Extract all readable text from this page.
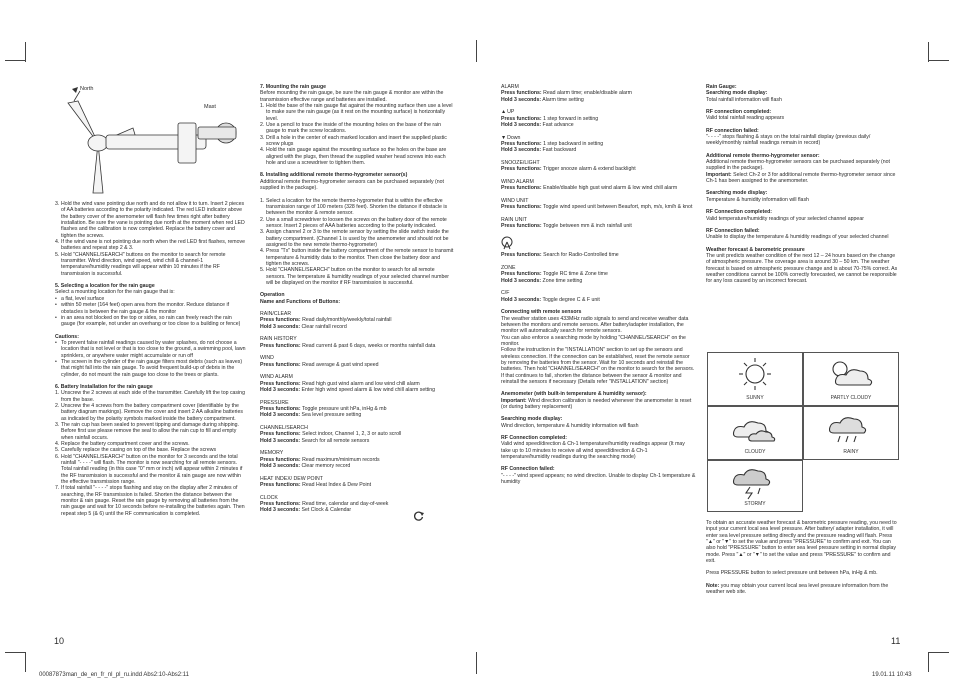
North
Mast
3. Hold the wind vane pointing due north and do not allow it to turn. Insert 2 pieces of AA batteries according to the polarity indicated. The red LED indicator above the battery cover of the anemometer will flash few times right after battery installation. Be sure the vane is pointing due north at the moment when red LED flashes and the calibration is now completed. Replace the battery cover and tighten the screws.
4. If the wind vane is not pointing due north when the red LED first flashes, remove batteries and repeat step 2 & 3.
5. Hold "CHANNEL/SEARCH" buttons on the monitor to search for remote transmitter. Wind direction, wind speed, wind chill & channel-1 temperature/humidity readings will appear within 10 minutes if the RF transmission is successful.
5. Selecting a location for the rain gauge
Select a mounting location for the rain gauge that is:
• a flat, level surface
• within 50 meter (164 feet) open area from the monitor. Reduce distance if obstacles is between the rain gauge & the monitor
• in an area not blocked on the top or sides, so rain can freely reach the rain gauge (for example, not under an overhang or too close to a building or fence)
Cautions:
• To prevent false rainfall readings caused by water splashes, do not choose a location that is not level or that is too close to the ground, a swimming pool, lawn sprinklers, or anywhere water might accumulate or run off
• The screen in the cylinder of the rain gauge filters most debris (such as leaves) that might fall into the rain gauge. To avoid frequent build-up of debris in the cylinder, do not mount the rain gauge too close to the trees or plants.
6. Battery Installation for the rain gauge
1. Unscrew the 2 screws at each side of the transmitter. Carefully lift the top casing from the base.
2. Unscrew the 4 screws from the battery compartment cover (identifiable by the battery diagram markings). Remove the cover and insert 2 AA alkaline batteries as indicated by the polarity symbols marked inside the battery compartment.
3. The rain cup has been sealed to prevent tipping and damage during shipping. Before first use please remove the seal to allow the rain cup to fill and empty when rainfall occurs.
4. Replace the battery compartment cover and the screws.
5. Carefully replace the casing on top of the base. Replace the screws
6. Hold "CHANNEL/SEARCH" button on the monitor for 3 seconds and the total rainfall "- - - -" will flash. The monitor is now searching for all remote sensors. Total rainfall reading (in this case "0" mm or inch) will appear within 2 minutes if the RF transmission is successful and the monitor & rain gauge are now within the effective transmission range.
7. If total rainfall "- - - -" stops flashing and stay on the display after 2 minutes of searching, the RF transmission is failed. Shorten the distance between the monitor & rain gauge. Reset the rain gauge by removing all batteries from the rain gauge and wait for 10 seconds before re-installing the batteries again. Then repeat step 5 (& 6) until the RF communication is completed.
7. Mounting the rain gauge
Before mounting the rain gauge, be sure the rain gauge & monitor are within the transmission effective range and batteries are installed.
1. Hold the base of the rain gauge flat against the mounting surface then use a level to make sure the rain gauge (as it rest on the mounting surface) is horizontally level.
2. Use a pencil to trace the inside of the mounting holes on the base of the rain gauge to mark the screw locations.
3. Drill a hole in the center of each marked location and insert the supplied plastic screw plugs
4. Hold the rain gauge against the mounting surface so the holes on the base are aligned with the plugs, then thread the supplied washer head screws into each hole and use a screwdriver to tighten them.
8. Installing additional remote thermo-hygrometer sensor(s)
Additional remote thermo-hygrometer sensors can be purchased separately (not supplied in the package).
1. Select a location for the remote thermo-hygrometer that is within the effective transmission range of 100 meters (328 feet). Shorten the distance if obstacle is between the monitor & remote sensor.
2. Use a small screwdriver to loosen the screws on the battery door of the remote sensor. Insert 2 pieces of AAA batteries according to the polarity indicated.
3. Assign channel 2 or 3 to the remote sensor by setting the slide switch inside the battery compartment. (Channel 1 is used by the anemometer and should not be assigned to the new remote thermo-hygrometer)
4. Press "Tx" button inside the battery compartment of the remote sensor to transmit temperature & humidity data to the monitor. Then close the battery door and tighten the screws.
5. Hold "CHANNEL/SEARCH" button on the monitor to search for all remote sensors. The temperature & humidity readings of your selected channel number will be displayed on the monitor if RF transmission is successful.
Operation
Name and Functions of Buttons:
RAIN/CLEAR
Press functions: Read daily/monthly/weekly/total rainfall
Hold 3 seconds: Clear rainfall record
RAIN HISTORY
Press functions: Read current & past 6 days, weeks or months rainfall data
WIND
Press functions: Read average & gust wind speed
WIND ALARM
Press functions: Read high gust wind alarm and low wind chill alarm
Hold 3 seconds: Enter high wind speed alarm & low wind chill alarm setting
PRESSURE
Press functions: Toggle pressure unit hPa, inHg & mb
Hold 3 seconds: Sea level pressure setting
CHANNEL/SEARCH
Press functions: Select indoor, Channel 1, 2, 3 or auto scroll
Hold 3 seconds: Search for all remote sensors
MEMORY
Press functions: Read maximum/minimum records
Hold 3 seconds: Clear memory record
HEAT INDEX/ DEW POINT
Press functions: Read Heat Index & Dew Point
CLOCK
Press functions: Read time, calendar and day-of-week
Hold 3 seconds: Set Clock & Calendar
ALARM
Press functions: Read alarm time; enable/disable alarm
Hold 3 seconds: Alarm time setting
▲UP

Press functions: 1 step forward in setting
Hold 3 seconds: Fast advance
▼Down

Press functions: 1 step backward in setting
Hold 3 seconds: Fast backward
SNOOZE/LIGHT
Press functions: Trigger snooze alarm & extend backlight
WIND ALARM
Press functions: Enable/disable high gust wind alarm & low wind chill alarm
WIND UNIT
Press functions: Toggle wind speed unit between Beaufort, mph, m/s, km/h & knot
RAIN UNIT
Press functions: Toggle between mm & inch rainfall unit
Press functions: Search for Radio-Controlled time
ZONE
Press functions: Toggle RC time & Zone time
Hold 3 seconds: Zone time setting
C/F
Hold 3 seconds: Toggle degree C & F unit
Connecting with remote sensors
The weather station uses 433MHz radio signals to send and receive weather data between the monitors and remote sensors. After battery/adapter installation, the monitor will automatically search for remote sensors.
You can also enforce a searching mode by holding "CHANNEL/SEARCH" on the monitor.
Follow the instruction in the "INSTALLATION" section to set up the sensors and wireless connection. If the connection can be established, reset the remote sensor by removing the batteries from the sensor. Wait for 10 seconds and reinstall the batteries. Then hold "CHANNEL/SEARCH" on the monitor to search for the sensors. If that continues to fail, shorten the distance between the sensor & monitor and reinstall the sensors if necessary (Details refer "INSTALLATION" section)
Anemometer (with built-in temperature & humidity sensor):
Important: Wind direction calibration is needed whenever the anemometer is reset (or during battery replacement)
Searching mode display:
Wind direction, temperature & humidity information will flash
RF Connection completed:
Valid wind speed/direction & Ch-1 temperature/humidity readings appear (It may take up to 10 minutes to receive all wind speed/direction & Ch-1 temperature/humidity readings during the searching mode)
RF Connection failed:
"- - - -" wind speed appears; no wind direction. Unable to display Ch-1 temperature & humidity
Rain Gauge:
Searching mode display:
Total rainfall information will flash
RF connection completed:
Valid total rainfall reading appears
RF connection failed:
"- - - -" stops flashing & stays on the total rainfall display (previous daily/ weekly/monthly rainfall readings remain in record)
Additional remote thermo-hygrometer sensor:
Additional remote thermo-hygrometer sensors can be purchased separately (not supplied in the package).
Important: Select Ch-2 or 3 for additional remote thermo-hygrometer sensor since Ch-1 has been assigned to the anemometer.
Searching mode display:
Temperature & humidity information will flash
RF Connection completed:
Valid temperature/humidity readings of your selected channel appear
RF Connection failed:
Unable to display the temperature & humidity readings of your selected channel
Weather forecast & barometric pressure
The unit predicts weather condition of the next 12 – 24 hours based on the change of atmospheric pressure. The coverage area is around 30 – 50 km. The weather forecast is based on atmospheric pressure change and is about 70-75% correct. As weather conditions cannot be 100% correctly forecasted, we cannot be responsible for any loss caused by an incorrect forecast.
SUNNY	PARTLY CLOUDY
CLOUDY	RAINY
STORMY
To obtain an accurate weather forecast & barometric pressure reading, you need to input your current local sea level pressure. After battery/ adapter installation, it will enter sea level pressure setting directly and the pressure reading will flash. Press "▲" or "▼" to set the value and press "PRESSURE" to confirm and exit. You can also hold "PRESSURE" button to enter sea level pressure setting in normal display mode. Press "▲" or "▼" to set the value and press "PRESSURE" to confirm and exit.
Press PRESSURE button to select pressure unit between hPa, inHg & mb.
Note: you may obtain your current local sea level pressure information from the weather web site.
10	11
00087873man_de_en_fr_nl_pl_ru.indd Abs2:10-Abs2:11	19.01.11 10:43
